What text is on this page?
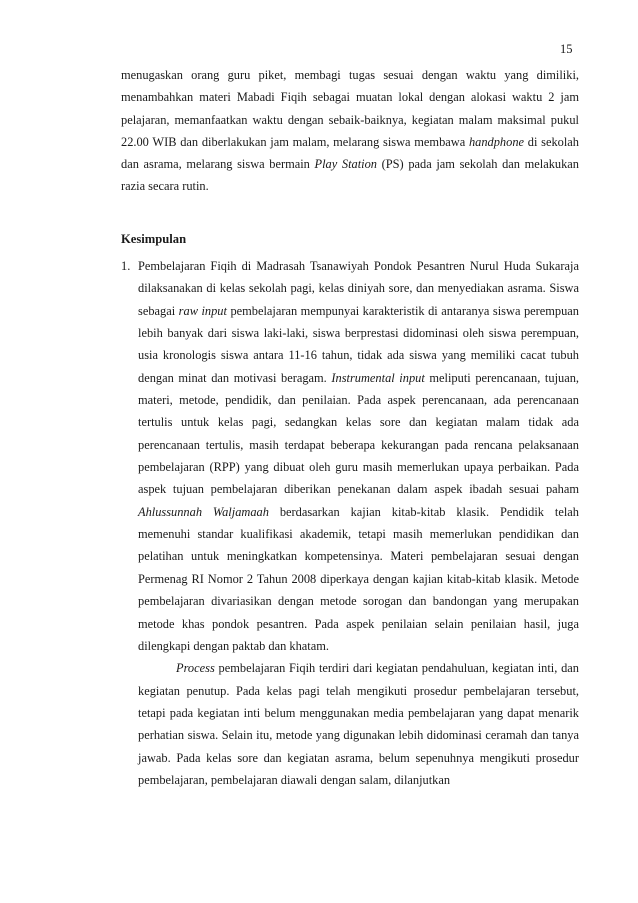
15

menugaskan orang guru piket, membagi tugas sesuai dengan waktu yang dimiliki, menambahkan materi Mabadi Fiqih sebagai muatan lokal dengan alokasi waktu 2 jam pelajaran, memanfaatkan waktu dengan sebaik-baiknya, kegiatan malam maksimal pukul 22.00 WIB dan diberlakukan jam malam, melarang siswa membawa handphone di sekolah dan asrama, melarang siswa bermain Play Station (PS) pada jam sekolah dan melakukan razia secara rutin.

Kesimpulan

1. Pembelajaran Fiqih di Madrasah Tsanawiyah Pondok Pesantren Nurul Huda Sukaraja dilaksanakan di kelas sekolah pagi, kelas diniyah sore, dan menyediakan asrama. Siswa sebagai raw input pembelajaran mempunyai karakteristik di antaranya siswa perempuan lebih banyak dari siswa laki-laki, siswa berprestasi didominasi oleh siswa perempuan, usia kronologis siswa antara 11-16 tahun, tidak ada siswa yang memiliki cacat tubuh dengan minat dan motivasi beragam. Instrumental input meliputi perencanaan, tujuan, materi, metode, pendidik, dan penilaian. Pada aspek perencanaan, ada perencanaan tertulis untuk kelas pagi, sedangkan kelas sore dan kegiatan malam tidak ada perencanaan tertulis, masih terdapat beberapa kekurangan pada rencana pelaksanaan pembelajaran (RPP) yang dibuat oleh guru masih memerlukan upaya perbaikan. Pada aspek tujuan pembelajaran diberikan penekanan dalam aspek ibadah sesuai paham Ahlussunnah Waljamaah berdasarkan kajian kitab-kitab klasik. Pendidik telah memenuhi standar kualifikasi akademik, tetapi masih memerlukan pendidikan dan pelatihan untuk meningkatkan kompetensinya. Materi pembelajaran sesuai dengan Permenag RI Nomor 2 Tahun 2008 diperkaya dengan kajian kitab-kitab klasik. Metode pembelajaran divariasikan dengan metode sorogan dan bandongan yang merupakan metode khas pondok pesantren. Pada aspek penilaian selain penilaian hasil, juga dilengkapi dengan paktab dan khatam.

Process pembelajaran Fiqih terdiri dari kegiatan pendahuluan, kegiatan inti, dan kegiatan penutup. Pada kelas pagi telah mengikuti prosedur pembelajaran tersebut, tetapi pada kegiatan inti belum menggunakan media pembelajaran yang dapat menarik perhatian siswa. Selain itu, metode yang digunakan lebih didominasi ceramah dan tanya jawab. Pada kelas sore dan kegiatan asrama, belum sepenuhnya mengikuti prosedur pembelajaran, pembelajaran diawali dengan salam, dilanjutkan
